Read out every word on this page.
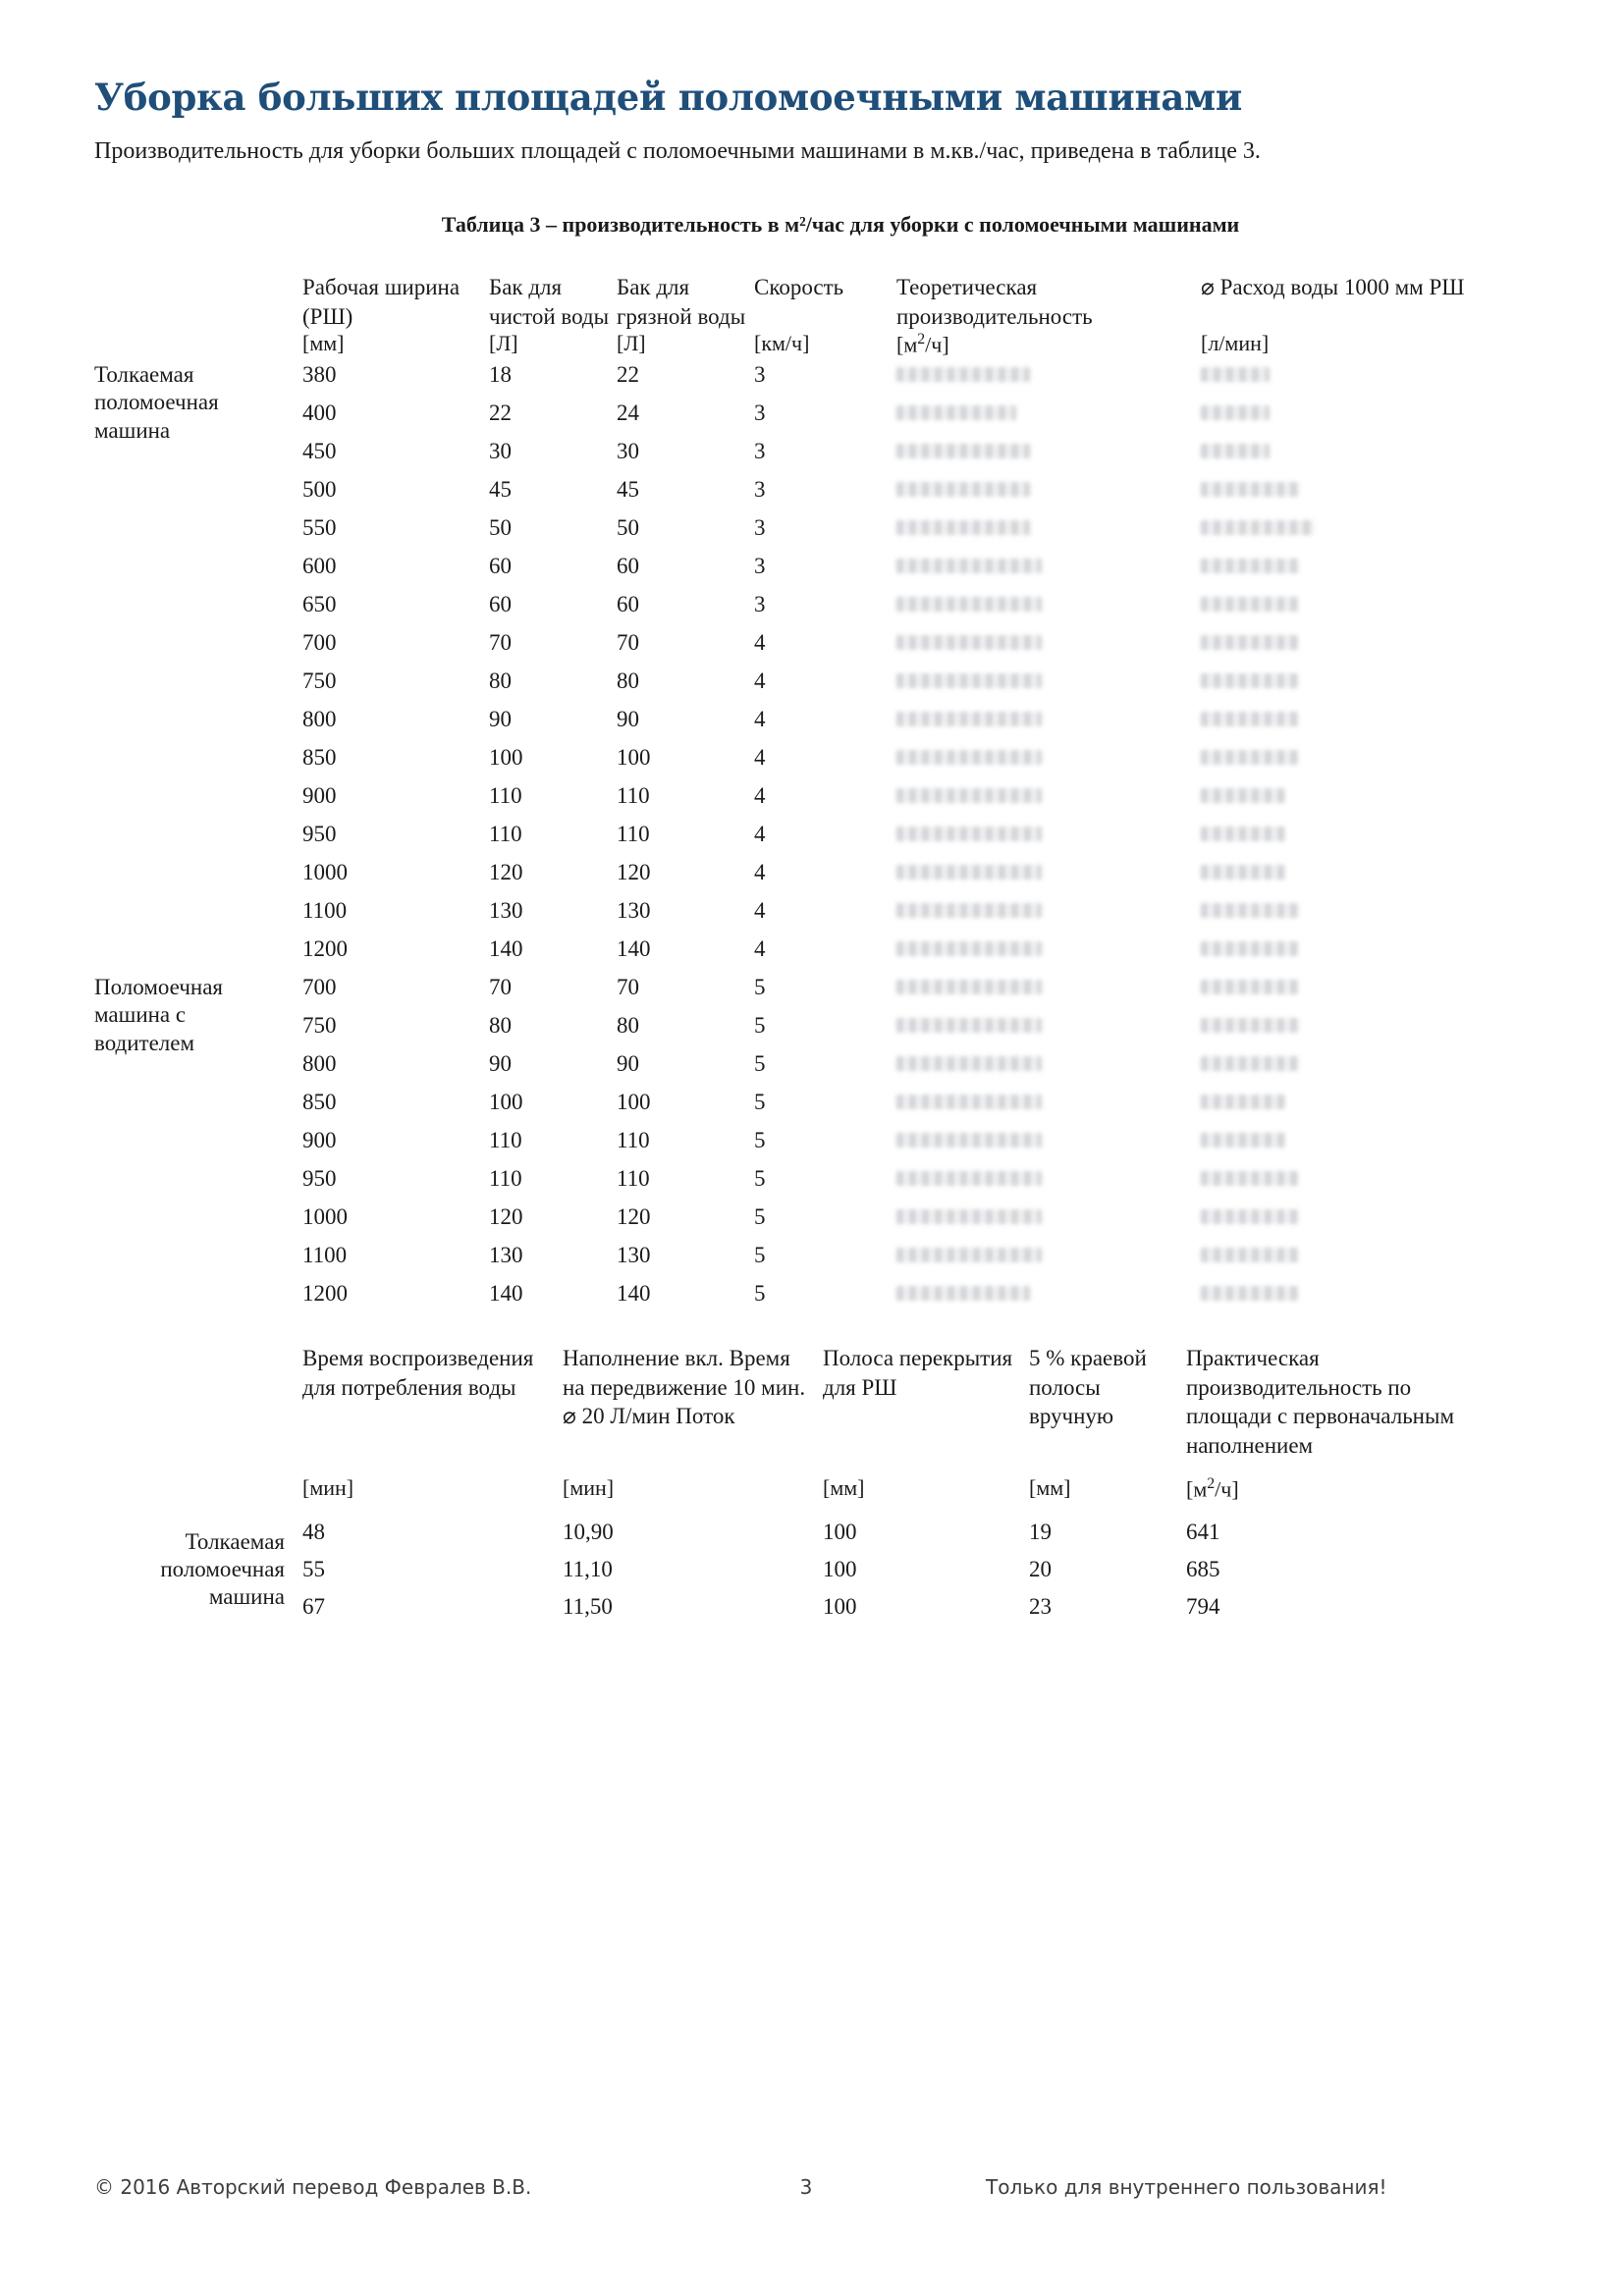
Уборка больших площадей поломоечными машинами

Производительность для уборки больших площадей с поломоечными машинами в м.кв./час, приведена в таблице 3.

Таблица 3 – производительность в м²/час для уборки с поломоечными машинами
	Рабочая ширина (РШ)	Бак для чистой воды	Бак для грязной воды	Скорость	Теоретическая производительность	⌀ Расход воды 1000 мм РШ
	[мм]	[Л]	[Л]	[км/ч]	$[м^2/ч]$	[л/мин]
Толкаемая поломоечная машина	380	18	22	3		
	400	22	24	3		
	450	30	30	3		
	500	45	45	3		
	550	50	50	3		
	600	60	60	3		
	650	60	60	3		
	700	70	70	4		
	750	80	80	4		
	800	90	90	4		
	850	100	100	4		
	900	110	110	4		
	950	110	110	4		
	1000	120	120	4		
	1100	130	130	4		
	1200	140	140	4		
Поломоечная машина с водителем	700	70	70	5		
	750	80	80	5		
	800	90	90	5		
	850	100	100	5		
	900	110	110	5		
	950	110	110	5		
	1000	120	120	5		
	1100	130	130	5		
	1200	140	140	5		
	Время воспроизведения для потребления воды	Наполнение вкл. Время на передвижение 10 мин. ⌀ 20 Л/мин Поток	Полоса перекрытия для РШ	5 % краевой полосы вручную	Практическая производительность по площади с первоначальным наполнением
	[мин]	[мин]	[мм]	[мм]	$[м^2/ч]$
Толкаемая поломоечная машина	48	10,90	100	19	641
	55	11,10	100	20	685
	67	11,50	100	23	794
© 2016 Авторский перевод Февралев В.В.	3	Только для внутреннего пользования!
